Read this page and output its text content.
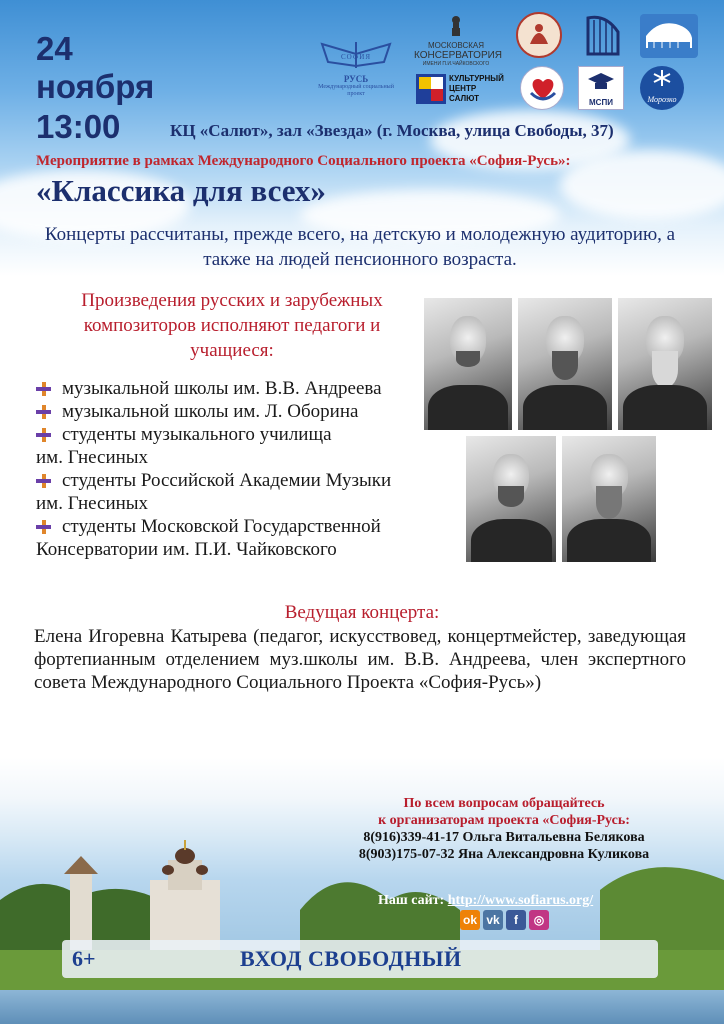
24
ноября
13:00	КЦ «Салют», зал «Звезда» (г. Москва, улица Свободы, 37)
Мероприятие в рамках Международного Социального проекта «София-Русь»:
«Классика для всех»
СОФИЯ
РУСЬ
Международный социальный проект
МОСКОВСКАЯ
КОНСЕРВАТОРИЯ
ИМЕНИ П.И.ЧАЙКОВСКОГО
КУЛЬТУРНЫЙ
ЦЕНТР
САЛЮТ	МСПИ	Морозко
Концерты рассчитаны, прежде всего, на детскую и молодежную аудиторию, а также на людей пенсионного возраста.
Произведения русских и зарубежных композиторов исполняют педагоги и учащиеся:
музыкальной школы им. В.В. Андреева
музыкальной школы им. Л. Оборина
студенты музыкального училища
им. Гнесиных
студенты Российской Академии Музыки
им. Гнесиных
студенты Московской Государственной
Консерватории им. П.И. Чайковского
Ведущая концерта:
Елена Игоревна Катырева (педагог, искусствовед, концертмейстер, заведующая фортепианным отделением муз.школы им. В.В. Андреева, член экспертного совета Международного Социального Проекта «София-Русь»)
По всем вопросам обращайтесь
к организаторам проекта «София-Русь:
8(916)339-41-17 Ольга Витальевна Белякова
8(903)175-07-32 Яна Александровна Куликова
Наш сайт: http://www.sofiarus.org/
ok vk	f	◎
6+	ВХОД СВОБОДНЫЙ
